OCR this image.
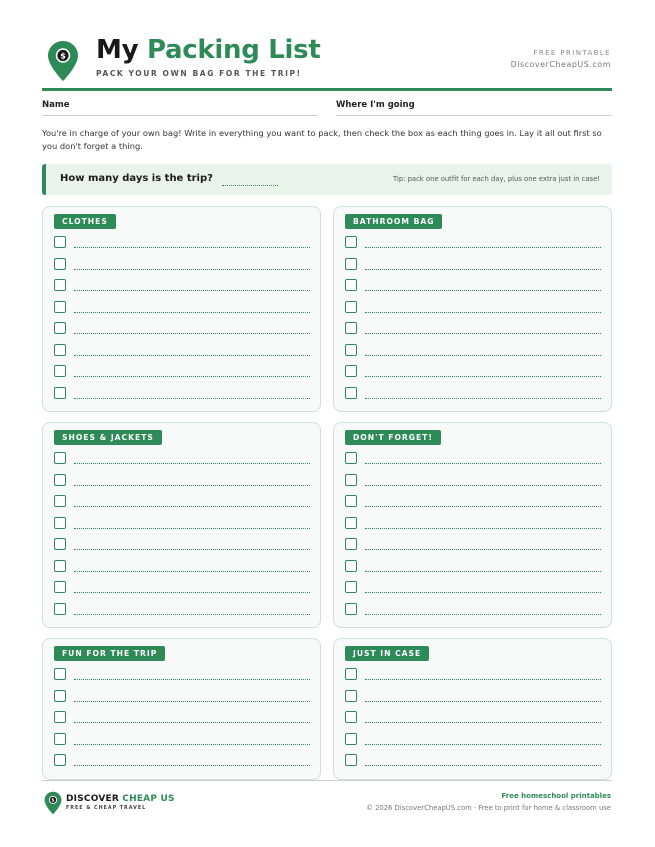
$ My Packing List
PACK YOUR OWN BAG FOR THE TRIP!
FREE PRINTABLE
DiscoverCheapUS.com
Name	Where I'm going
You're in charge of your own bag! Write in everything you want to pack, then check the box as each thing goes in. Lay it all out first so you don't forget a thing.
How many days is the trip?	Tip: pack one outfit for each day, plus one extra just in case!
CLOTHES	BATHROOM BAG
SHOES & JACKETS	DON'T FORGET!
FUN FOR THE TRIP	JUST IN CASE
$ DISCOVER CHEAP US
FREE & CHEAP TRAVEL
Free homeschool printables
© 2026 DiscoverCheapUS.com · Free to print for home & classroom use
